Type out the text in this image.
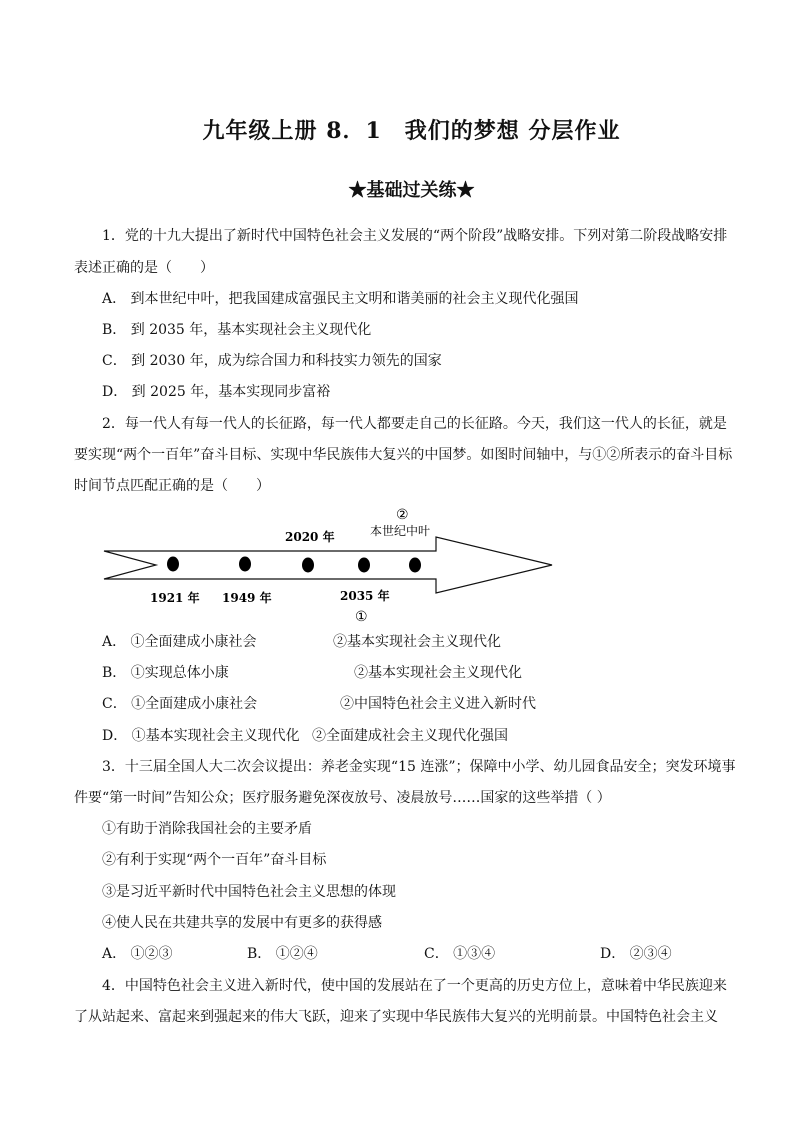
九年级上册 8．1　我们的梦想 分层作业
★基础过关练★
1．党的十九大提出了新时代中国特色社会主义发展的“两个阶段”战略安排。下列对第二阶段战略安排
表述正确的是（　　）
A． 到本世纪中叶，把我国建成富强民主文明和谐美丽的社会主义现代化强国
B． 到 2035 年，基本实现社会主义现代化
C． 到 2030 年，成为综合国力和科技实力领先的国家
D． 到 2025 年，基本实现同步富裕
2．每一代人有每一代人的长征路，每一代人都要走自己的长征路。今天，我们这一代人的长征，就是
要实现“两个一百年”奋斗目标、实现中华民族伟大复兴的中国梦。如图时间轴中，与①②所表示的奋斗目标
时间节点匹配正确的是（　　）
②
2020 年	本世纪中叶
1921 年 1949 年	2035 年
①
A． ①全面建成小康社会	②基本实现社会主义现代化
B． ①实现总体小康	②基本实现社会主义现代化
C． ①全面建成小康社会	②中国特色社会主义进入新时代
D． ①基本实现社会主义现代化 ②全面建成社会主义现代化强国
3．十三届全国人大二次会议提出：养老金实现“15 连涨”；保障中小学、幼儿园食品安全；突发环境事
件要“第一时间”告知公众；医疗服务避免深夜放号、凌晨放号……国家的这些举措（ ）
①有助于消除我国社会的主要矛盾
②有利于实现“两个一百年”奋斗目标
③是习近平新时代中国特色社会主义思想的体现
④使人民在共建共享的发展中有更多的获得感
A． ①②③	B． ①②④	C． ①③④	D． ②③④
4．中国特色社会主义进入新时代，使中国的发展站在了一个更高的历史方位上，意味着中华民族迎来
了从站起来、富起来到强起来的伟大飞跃，迎来了实现中华民族伟大复兴的光明前景。中国特色社会主义
